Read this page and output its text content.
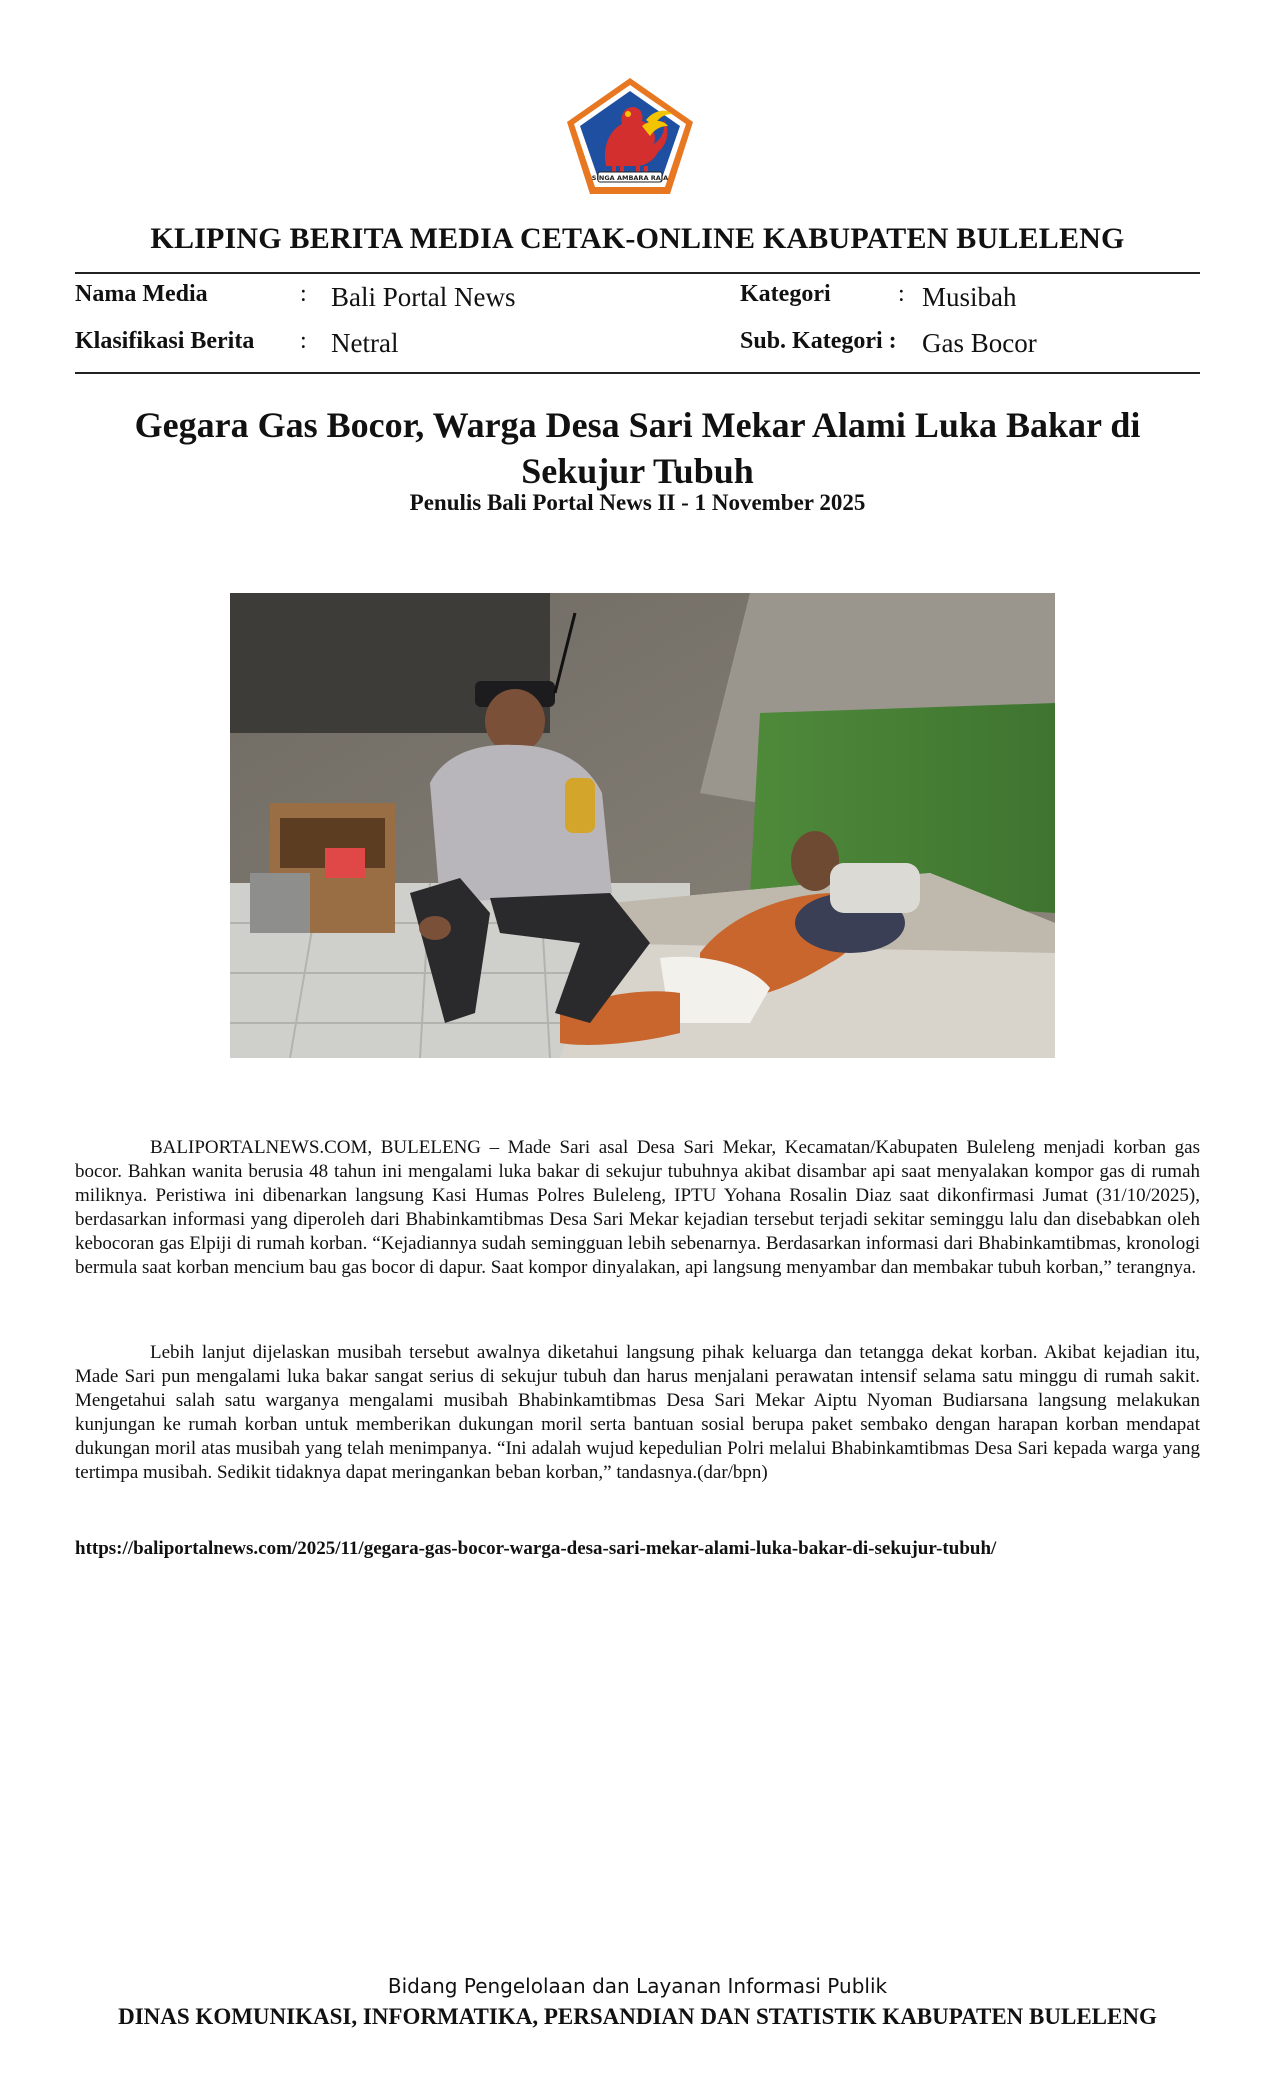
SINGA AMBARA RAJA
KLIPING BERITA MEDIA CETAK-ONLINE KABUPATEN BULELENG
Nama Media	: Bali Portal News
Klasifikasi Berita : Netral
Kategori	: Musibah
Sub. Kategori : Gas Bocor
Gegara Gas Bocor, Warga Desa Sari Mekar Alami Luka Bakar di Sekujur Tubuh
Penulis Bali Portal News II - 1 November 2025

BALIPORTALNEWS.COM, BULELENG – Made Sari asal Desa Sari Mekar, Kecamatan/Kabupaten Buleleng menjadi korban gas bocor. Bahkan wanita berusia 48 tahun ini mengalami luka bakar di sekujur tubuhnya akibat disambar api saat menyalakan kompor gas di rumah miliknya. Peristiwa ini dibenarkan langsung Kasi Humas Polres Buleleng, IPTU Yohana Rosalin Diaz saat dikonfirmasi Jumat (31/10/2025), berdasarkan informasi yang diperoleh dari Bhabinkamtibmas Desa Sari Mekar kejadian tersebut terjadi sekitar seminggu lalu dan disebabkan oleh kebocoran gas Elpiji di rumah korban. “Kejadiannya sudah semingguan lebih sebenarnya. Berdasarkan informasi dari Bhabinkamtibmas, kronologi bermula saat korban mencium bau gas bocor di dapur. Saat kompor dinyalakan, api langsung menyambar dan membakar tubuh korban,” terangnya.

Lebih lanjut dijelaskan musibah tersebut awalnya diketahui langsung pihak keluarga dan tetangga dekat korban. Akibat kejadian itu, Made Sari pun mengalami luka bakar sangat serius di sekujur tubuh dan harus menjalani perawatan intensif selama satu minggu di rumah sakit. Mengetahui salah satu warganya mengalami musibah Bhabinkamtibmas Desa Sari Mekar Aiptu Nyoman Budiarsana langsung melakukan kunjungan ke rumah korban untuk memberikan dukungan moril serta bantuan sosial berupa paket sembako dengan harapan korban mendapat dukungan moril atas musibah yang telah menimpanya. “Ini adalah wujud kepedulian Polri melalui Bhabinkamtibmas Desa Sari kepada warga yang tertimpa musibah. Sedikit tidaknya dapat meringankan beban korban,” tandasnya.(dar/bpn)

https://baliportalnews.com/2025/11/gegara-gas-bocor-warga-desa-sari-mekar-alami-luka-bakar-di-sekujur-tubuh/
Bidang Pengelolaan dan Layanan Informasi Publik
DINAS KOMUNIKASI, INFORMATIKA, PERSANDIAN DAN STATISTIK KABUPATEN BULELENG
